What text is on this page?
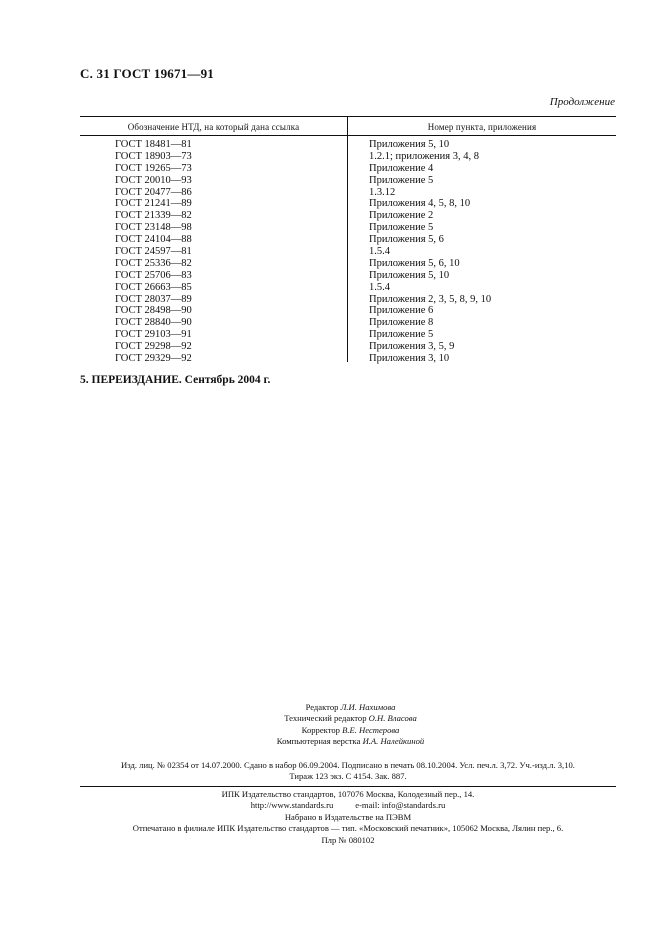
С. 31 ГОСТ 19671—91
Продолжение
Обозначение НТД, на который дана ссылка	Номер пункта, приложения
ГОСТ 18481—81	Приложения 5, 10
ГОСТ 18903—73	1.2.1; приложения 3, 4, 8
ГОСТ 19265—73	Приложение 4
ГОСТ 20010—93	Приложение 5
ГОСТ 20477—86	1.3.12
ГОСТ 21241—89	Приложения 4, 5, 8, 10
ГОСТ 21339—82	Приложение 2
ГОСТ 23148—98	Приложение 5
ГОСТ 24104—88	Приложения 5, 6
ГОСТ 24597—81	1.5.4
ГОСТ 25336—82	Приложения 5, 6, 10
ГОСТ 25706—83	Приложения 5, 10
ГОСТ 26663—85	1.5.4
ГОСТ 28037—89	Приложения 2, 3, 5, 8, 9, 10
ГОСТ 28498—90	Приложение 6
ГОСТ 28840—90	Приложение 8
ГОСТ 29103—91	Приложение 5
ГОСТ 29298—92	Приложения 3, 5, 9
ГОСТ 29329—92	Приложения 3, 10
5. ПЕРЕИЗДАНИЕ. Сентябрь 2004 г.
Редактор Л.И. Нахимова
Технический редактор О.Н. Власова
Корректор В.Е. Нестерова
Компьютерная верстка И.А. Налейкиной
Изд. лиц. № 02354 от 14.07.2000. Сдано в набор 06.09.2004. Подписано в печать 08.10.2004. Усл. печ.л. 3,72. Уч.-изд.л. 3,10.
Тираж 123 экз. С 4154. Зак. 887.
ИПК Издательство стандартов, 107076 Москва, Колодезный пер., 14.
http://www.standards.ru	e-mail: info@standards.ru
Набрано в Издательстве на ПЭВМ
Отпечатано в филиале ИПК Издательство стандартов — тип. «Московский печатник», 105062 Москва, Лялин пер., 6.
Плр № 080102
